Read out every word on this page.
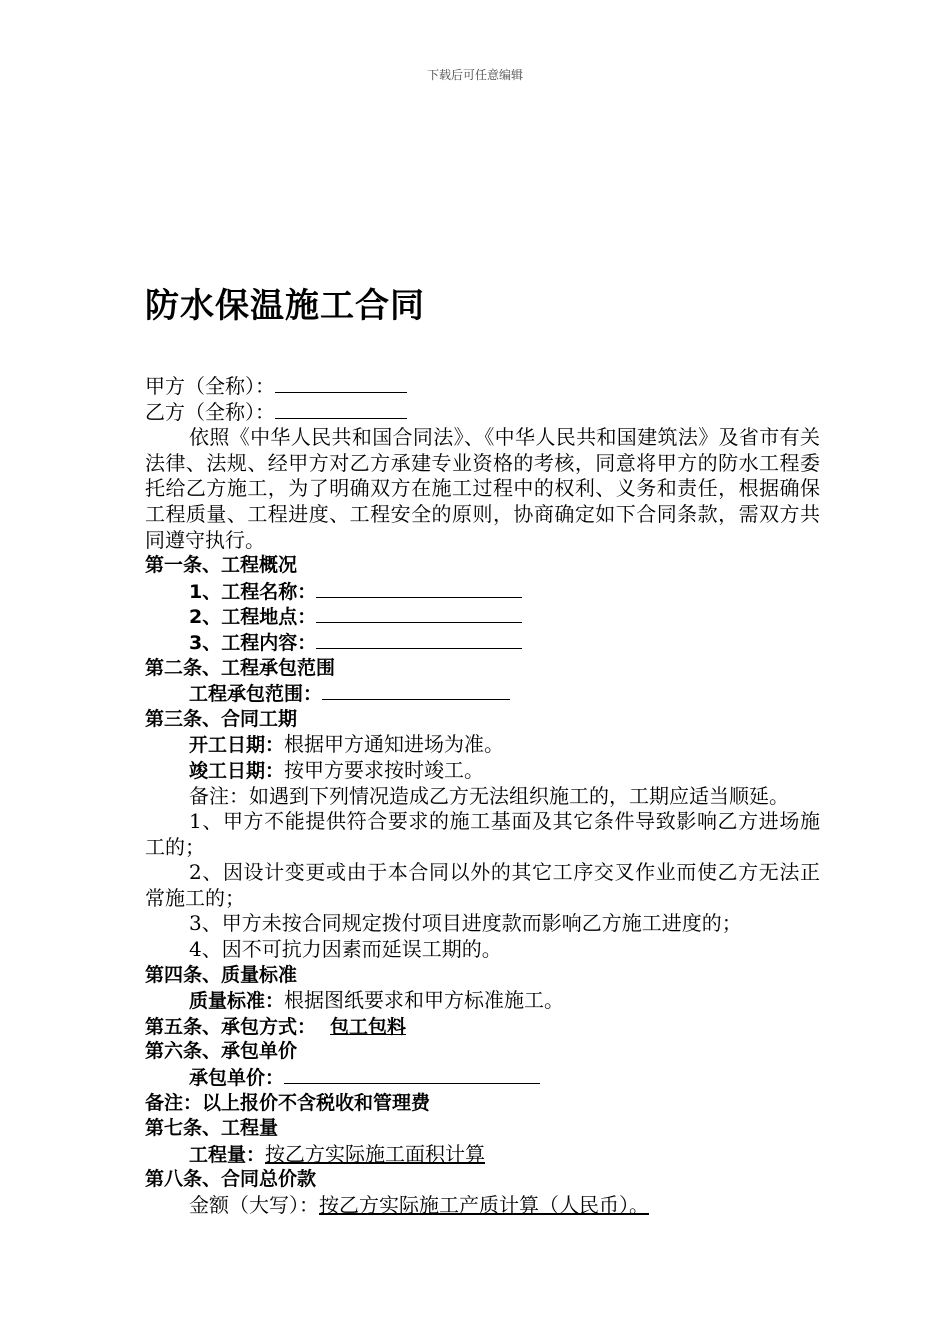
下载后可任意编辑
防水保温施工合同
甲方（全称）：
乙方（全称）：
依照《中华人民共和国合同法》、《中华人民共和国建筑法》及省市有关法律、法规、经甲方对乙方承建专业资格的考核，同意将甲方的防水工程委托给乙方施工，为了明确双方在施工过程中的权利、义务和责任，根据确保工程质量、工程进度、工程安全的原则，协商确定如下合同条款，需双方共同遵守执行。
第一条、工程概况
1、工程名称：
2、工程地点：
3、工程内容：
第二条、工程承包范围
工程承包范围：
第三条、合同工期
开工日期：根据甲方通知进场为准。
竣工日期：按甲方要求按时竣工。
备注：如遇到下列情况造成乙方无法组织施工的，工期应适当顺延。
1、甲方不能提供符合要求的施工基面及其它条件导致影响乙方进场施工的；
2、因设计变更或由于本合同以外的其它工序交叉作业而使乙方无法正常施工的；
3、甲方未按合同规定拨付项目进度款而影响乙方施工进度的；
4、因不可抗力因素而延误工期的。
第四条、质量标准
质量标准：根据图纸要求和甲方标准施工。
第五条、承包方式： 包工包料
第六条、承包单价
承包单价：
备注：以上报价不含税收和管理费
第七条、工程量
工程量：按乙方实际施工面积计算
第八条、合同总价款
金额（大写）：按乙方实际施工产质计算（人民币）。
